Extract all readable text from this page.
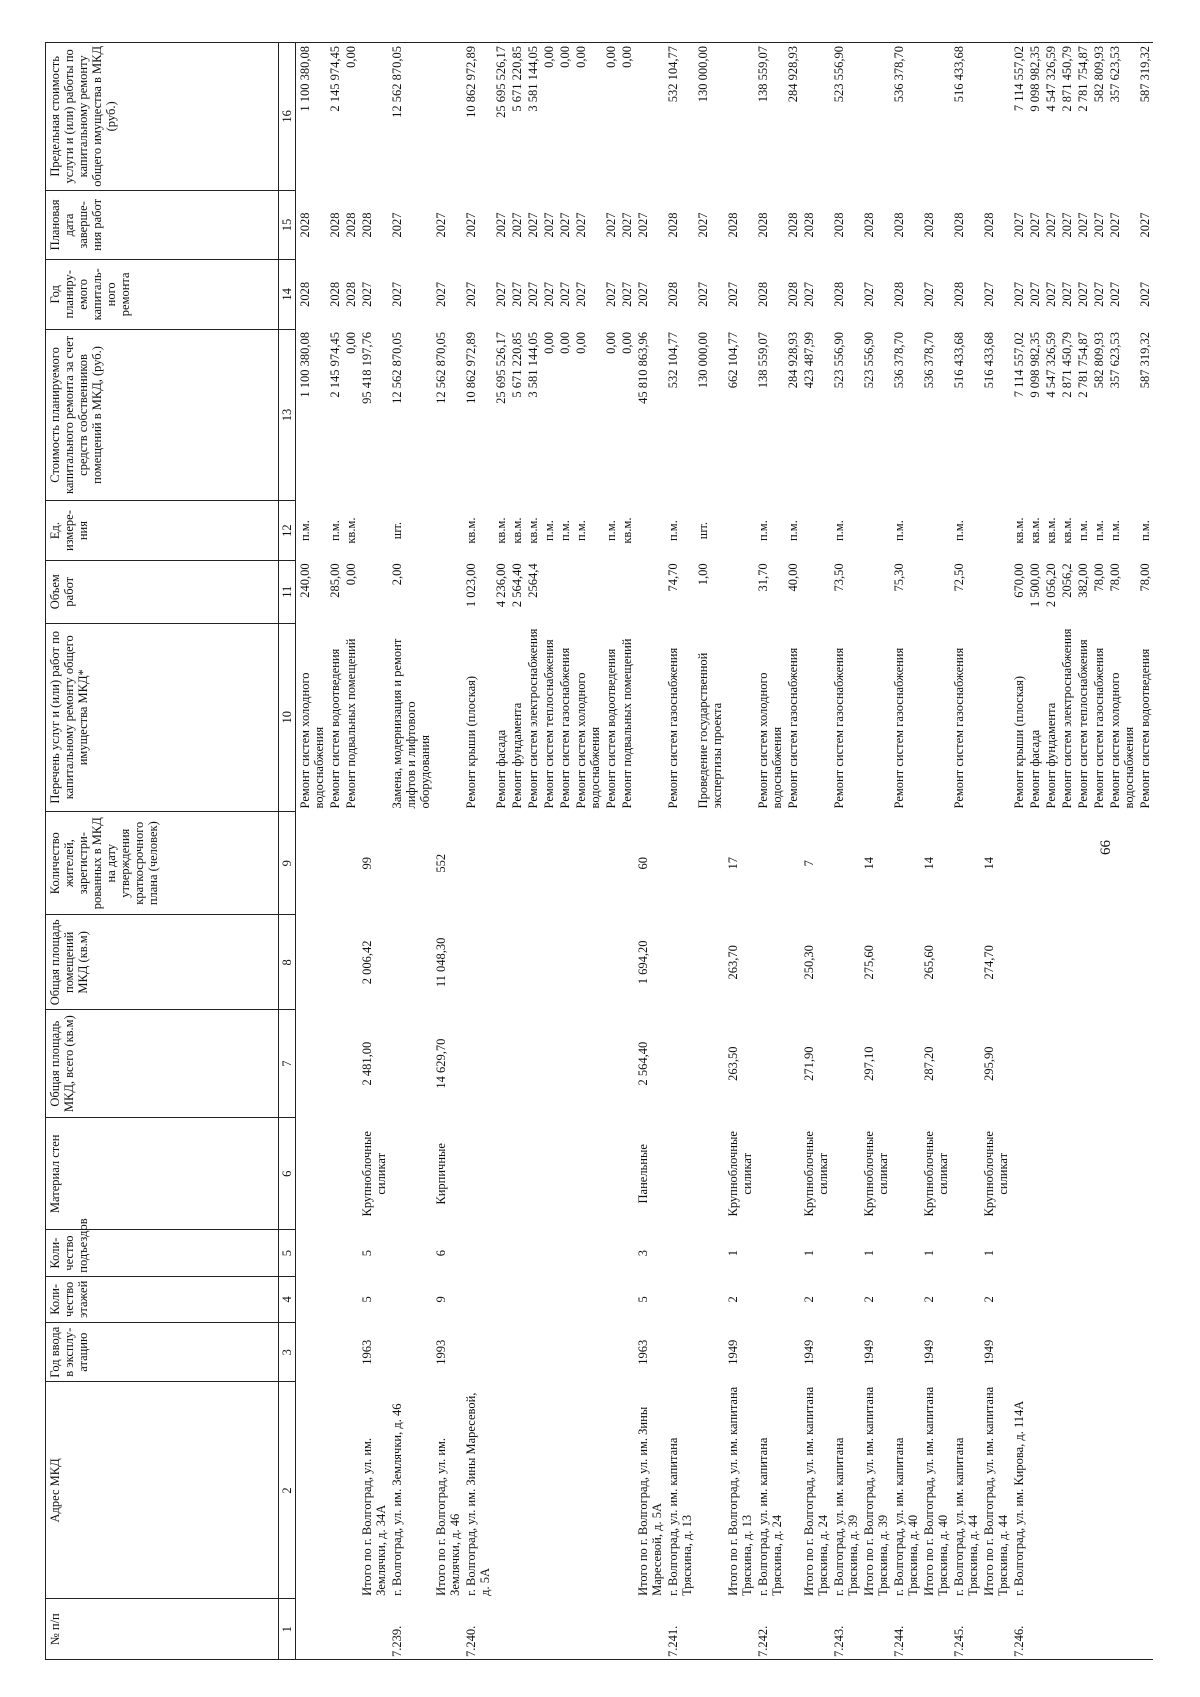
66
№ п/п	Адрес МКД	Год ввода в эксплу-атацию	Коли-чество этажей	Коли-чество подъездов	Материал стен	Общая площадь МКД, всего (кв.м)	Общая площадь помещений МКД (кв.м)	Количество жителей, зарегистри-рованных в МКД на дату утверждения краткосрочного плана (человек)	Перечень услуг и (или) работ по капитальному ремонту общего имущества МКД*	Объем работ	Ед. измере-ния	Стоимость планируемого капитального ремонта за счет средств собственников помещений в МКД, (руб.)	Год планиру-емого капиталь-ного ремонта	Плановая дата заверше-ния работ	Предельная стоимость услуги и (или) работы по капитальному ремонту общего имущества в МКД (руб.)
1	2	3	4	5	6	7	8	9	10	11	12	13	14	15	16
									Ремонт систем холодного водоснабжения	240,00	п.м.	1 100 380,08	2028	2028	1 100 380,08
									Ремонт систем водоотведения	285,00	п.м.	2 145 974,45	2028	2028	2 145 974,45
									Ремонт подвальных помещений	0,00	кв.м.	0,00	2028	2028	0,00
	Итого по г. Волгоград, ул. им. Землячки, д. 34А	1963	5	5	Крупноблочные силикат	2 481,00	2 006,42	99				95 418 197,76	2027	2028	
7.239.	г. Волгоград, ул. им. Землячки, д. 46								Замена, модернизация и ремонт лифтов и лифтового оборудования	2,00	шт.	12 562 870,05	2027	2027	12 562 870,05
	Итого по г. Волгоград, ул. им. Землячки, д. 46	1993	9	6	Кирпичные	14 629,70	11 048,30	552				12 562 870,05	2027	2027	
7.240.	г. Волгоград, ул. им. Зины Маресевой, д. 5А								Ремонт крыши (плоская)	1 023,00	кв.м.	10 862 972,89	2027	2027	10 862 972,89
									Ремонт фасада	4 236,00	кв.м.	25 695 526,17	2027	2027	25 695 526,17
									Ремонт фундамента	2 564,40	кв.м.	5 671 220,85	2027	2027	5 671 220,85
									Ремонт систем электроснабжения	2564,4	кв.м.	3 581 144,05	2027	2027	3 581 144,05
									Ремонт систем теплоснабжения		п.м.	0,00	2027	2027	0,00
									Ремонт систем газоснабжения		п.м.	0,00	2027	2027	0,00
									Ремонт систем холодного водоснабжения		п.м.	0,00	2027	2027	0,00
									Ремонт систем водоотведения		п.м.	0,00	2027	2027	0,00
									Ремонт подвальных помещений		кв.м.	0,00	2027	2027	0,00
	Итого по г. Волгоград, ул. им. Зины Маресевой, д. 5А	1963	5	3	Панельные	2 564,40	1 694,20	60				45 810 863,96	2027	2027	
7.241.	г. Волгоград, ул. им. капитана Тряскина, д. 13								Ремонт систем газоснабжения	74,70	п.м.	532 104,77	2028	2028	532 104,77
									Проведение государственной экспертизы проекта	1,00	шт.	130 000,00	2027	2027	130 000,00
	Итого по г. Волгоград, ул. им. капитана Тряскина, д. 13	1949	2	1	Крупноблочные силикат	263,50	263,70	17				662 104,77	2027	2028	
7.242.	г. Волгоград, ул. им. капитана Тряскина, д. 24								Ремонт систем холодного водоснабжения	31,70	п.м.	138 559,07	2028	2028	138 559,07
									Ремонт систем газоснабжения	40,00	п.м.	284 928,93	2028	2028	284 928,93
	Итого по г. Волгоград, ул. им. капитана Тряскина, д. 24	1949	2	1	Крупноблочные силикат	271,90	250,30	7				423 487,99	2027	2028	
7.243.	г. Волгоград, ул. им. капитана Тряскина, д. 39								Ремонт систем газоснабжения	73,50	п.м.	523 556,90	2028	2028	523 556,90
	Итого по г. Волгоград, ул. им. капитана Тряскина, д. 39	1949	2	1	Крупноблочные силикат	297,10	275,60	14				523 556,90	2027	2028	
7.244.	г. Волгоград, ул. им. капитана Тряскина, д. 40								Ремонт систем газоснабжения	75,30	п.м.	536 378,70	2028	2028	536 378,70
	Итого по г. Волгоград, ул. им. капитана Тряскина, д. 40	1949	2	1	Крупноблочные силикат	287,20	265,60	14				536 378,70	2027	2028	
7.245.	г. Волгоград, ул. им. капитана Тряскина, д. 44								Ремонт систем газоснабжения	72,50	п.м.	516 433,68	2028	2028	516 433,68
	Итого по г. Волгоград, ул. им. капитана Тряскина, д. 44	1949	2	1	Крупноблочные силикат	295,90	274,70	14				516 433,68	2027	2028	
7.246.	г. Волгоград, ул. им. Кирова, д. 114А								Ремонт крыши (плоская)	670,00	кв.м.	7 114 557,02	2027	2027	7 114 557,02
									Ремонт фасада	1 500,00	кв.м.	9 098 982,35	2027	2027	9 098 982,35
									Ремонт фундамента	2 056,20	кв.м.	4 547 326,59	2027	2027	4 547 326,59
									Ремонт систем электроснабжения	2056,2	кв.м.	2 871 450,79	2027	2027	2 871 450,79
									Ремонт систем теплоснабжения	382,00	п.м.	2 781 754,87	2027	2027	2 781 754,87
									Ремонт систем газоснабжения	78,00	п.м.	582 809,93	2027	2027	582 809,93
									Ремонт систем холодного водоснабжения	78,00	п.м.	357 623,53	2027	2027	357 623,53
									Ремонт систем водоотведения	78,00	п.м.	587 319,32	2027	2027	587 319,32
